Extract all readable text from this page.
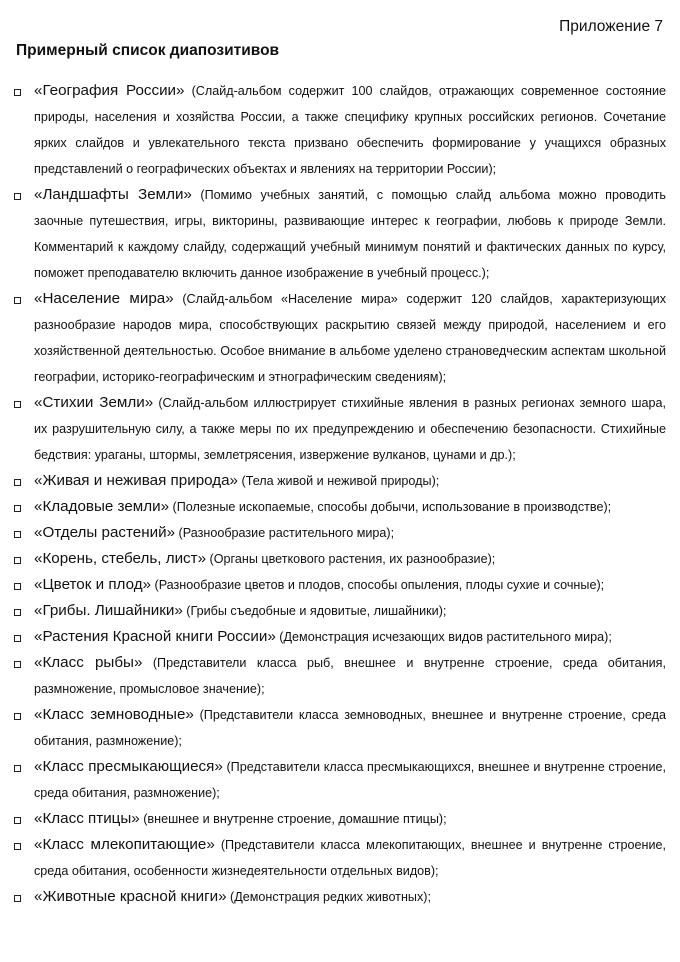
Приложение 7
Примерный список диапозитивов
«География России» (Слайд-альбом содержит 100 слайдов, отражающих современное состояние природы, населения и хозяйства России, а также специфику крупных российских регионов. Сочетание ярких слайдов и увлекательного текста призвано обеспечить формирование у учащихся образных представлений о географических объектах и явлениях на территории России);
«Ландшафты Земли» (Помимо учебных занятий, с помощью слайд альбома можно проводить заочные путешествия, игры, викторины, развивающие интерес к географии, любовь к природе Земли. Комментарий к каждому слайду, содержащий учебный минимум понятий и фактических данных по курсу, поможет преподавателю включить данное изображение в учебный процесс.);
«Население мира» (Слайд-альбом «Население мира» содержит 120 слайдов, характеризующих разнообразие народов мира, способствующих раскрытию связей между природой, населением и его хозяйственной деятельностью. Особое внимание в альбоме уделено страноведческим аспектам школьной географии, историко-географическим и этнографическим сведениям);
«Стихии Земли» (Слайд-альбом иллюстрирует стихийные явления в разных регионах земного шара, их разрушительную силу, а также меры по их предупреждению и обеспечению безопасности. Стихийные бедствия: ураганы, штормы, землетрясения, извержение вулканов, цунами и др.);
«Живая и неживая природа» (Тела живой и неживой природы);
«Кладовые земли» (Полезные ископаемые, способы добычи, использование в производстве);
«Отделы растений» (Разнообразие растительного мира);
«Корень, стебель, лист» (Органы цветкового растения, их разнообразие);
«Цветок и плод» (Разнообразие цветов и плодов, способы опыления, плоды сухие и сочные);
«Грибы. Лишайники» (Грибы съедобные и ядовитые, лишайники);
«Растения Красной книги России» (Демонстрация исчезающих видов растительного мира);
«Класс рыбы» (Представители класса рыб, внешнее и внутренне строение, среда обитания, размножение, промысловое значение);
«Класс земноводные» (Представители класса земноводных, внешнее и внутренне строение, среда обитания, размножение);
«Класс пресмыкающиеся» (Представители класса пресмыкающихся, внешнее и внутренне строение, среда обитания, размножение);
«Класс птицы» (внешнее и внутренне строение, домашние птицы);
«Класс млекопитающие» (Представители класса млекопитающих, внешнее и внутренне строение, среда обитания, особенности жизнедеятельности отдельных видов);
«Животные красной книги» (Демонстрация редких животных);
